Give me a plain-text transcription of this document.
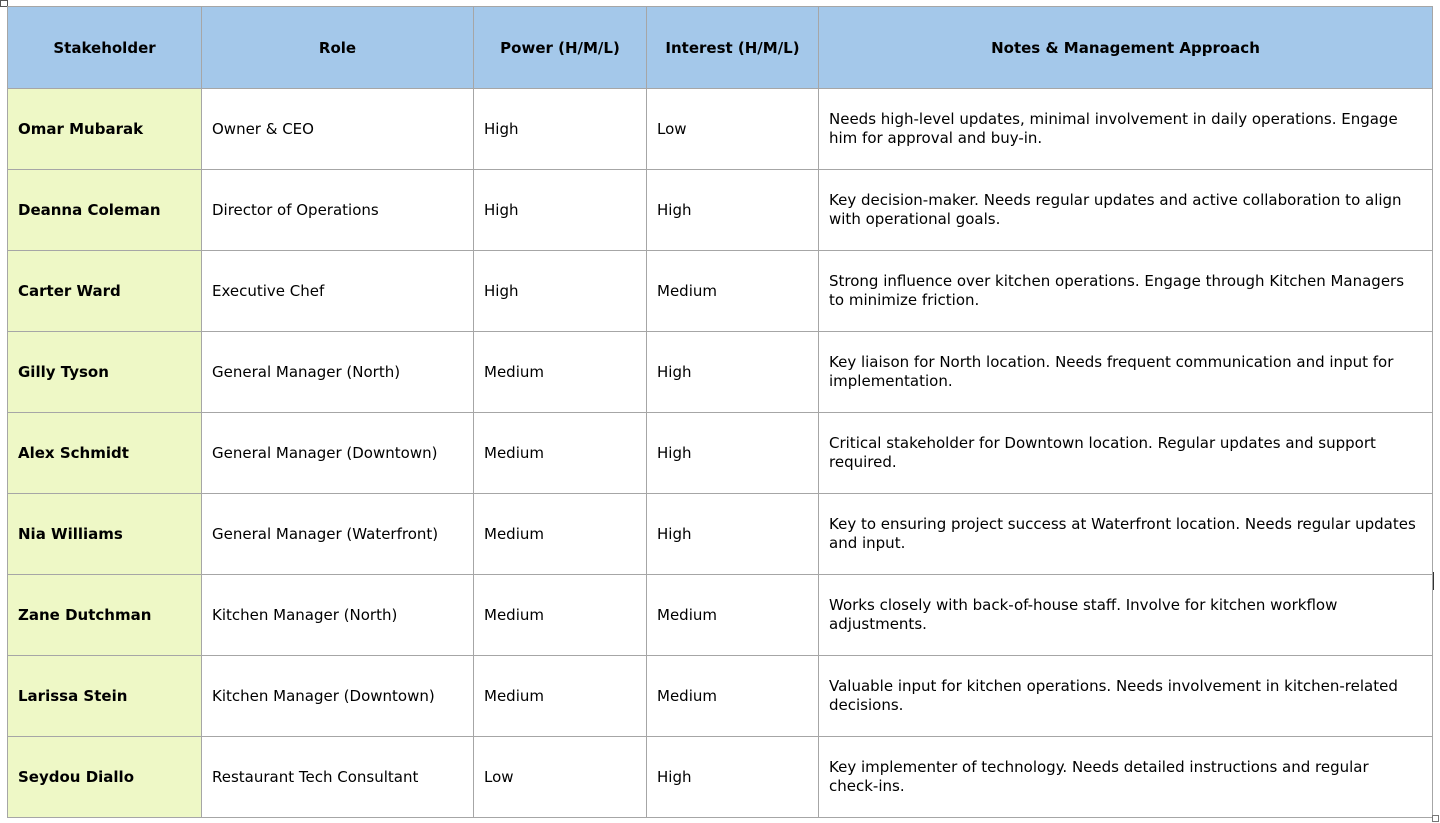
Stakeholder	Role	Power (H/M/L)	Interest (H/M/L)	Notes & Management Approach
Omar Mubarak	Owner & CEO	High	Low	Needs high-level updates, minimal involvement in daily operations. Engage him for approval and buy-in.
Deanna Coleman	Director of Operations	High	High	Key decision-maker. Needs regular updates and active collaboration to align with operational goals.
Carter Ward	Executive Chef	High	Medium	Strong influence over kitchen operations. Engage through Kitchen Managers to minimize friction.
Gilly Tyson	General Manager (North)	Medium	High	Key liaison for North location. Needs frequent communication and input for implementation.
Alex Schmidt	General Manager (Downtown)	Medium	High	Critical stakeholder for Downtown location. Regular updates and support required.
Nia Williams	General Manager (Waterfront)	Medium	High	Key to ensuring project success at Waterfront location. Needs regular updates and input.
Zane Dutchman	Kitchen Manager (North)	Medium	Medium	Works closely with back-of-house staff. Involve for kitchen workflow adjustments.
Larissa Stein	Kitchen Manager (Downtown)	Medium	Medium	Valuable input for kitchen operations. Needs involvement in kitchen-related decisions.
Seydou Diallo	Restaurant Tech Consultant	Low	High	Key implementer of technology. Needs detailed instructions and regular check-ins.
